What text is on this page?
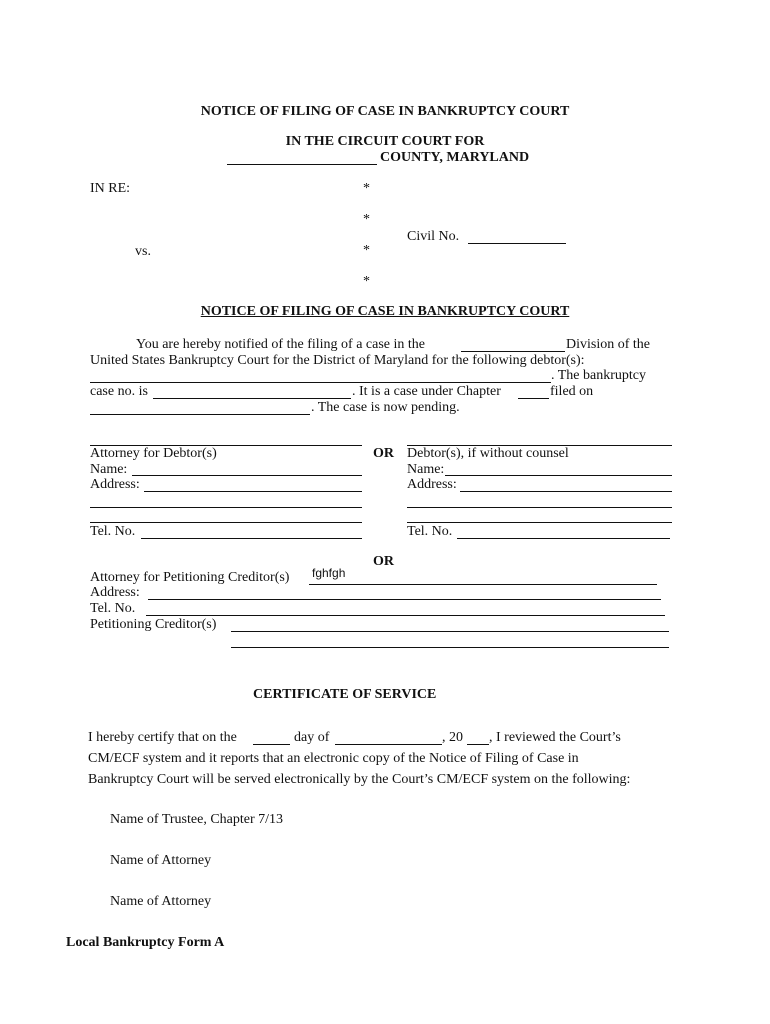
NOTICE OF FILING OF CASE IN BANKRUPTCY COURT
IN THE CIRCUIT COURT FOR
COUNTY, MARYLAND
IN RE:	*
*
Civil No.
vs.	*
*
NOTICE OF FILING OF CASE IN BANKRUPTCY COURT
You are hereby notified of the filing of a case in the	Division of the
United States Bankruptcy Court for the District of Maryland for the following debtor(s):
. The bankruptcy
case no. is	. It is a case under Chapter	filed on
. The case is now pending.
Attorney for Debtor(s)
Name:
Address:
Tel. No.
OR Debtor(s), if without counsel
Name:
Address:
Tel. No.
OR
Attorney for Petitioning Creditor(s) fghfgh
Address:
Tel. No.
Petitioning Creditor(s)
CERTIFICATE OF SERVICE
I hereby certify that on the	day of	, 20 , I reviewed the Court’s
CM/ECF system and it reports that an electronic copy of the Notice of Filing of Case in
Bankruptcy Court will be served electronically by the Court’s CM/ECF system on the following:
Name of Trustee, Chapter 7/13
Name of Attorney
Name of Attorney
Local Bankruptcy Form A
